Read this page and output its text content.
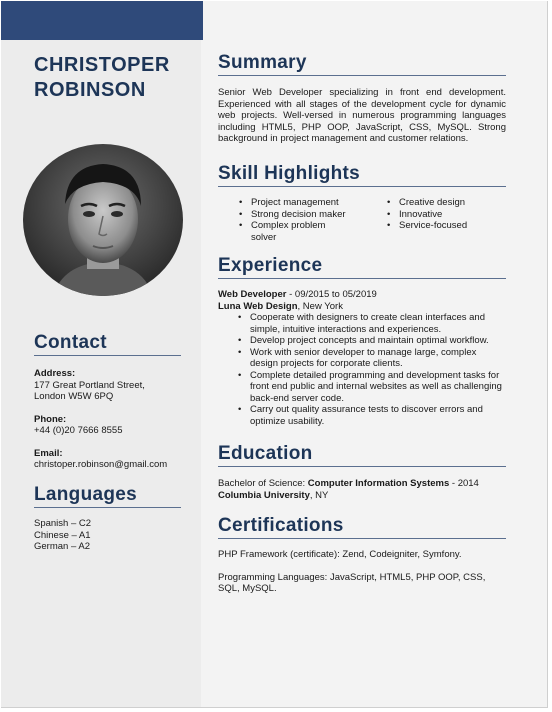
CHRISTOPER
ROBINSON
Contact

Address:

177 Great Portland Street,

London W5W 6PQ

Phone:

+44 (0)20 7666 8555

Email:

christoper.robinson@gmail.com

Languages

Spanish – C2

Chinese – A1

German – A2

Summary

Senior Web Developer specializing in front end development. Experienced with all stages of the development cycle for dynamic web projects. Well-versed in numerous programming languages including HTML5, PHP OOP, JavaScript, CSS, MySQL. Strong background in project management and customer relations.

Skill Highlights
• Project management
• Strong decision maker
• Complex problem solver
• Creative design
• Innovative
• Service-focused
Experience

Web Developer - 09/2015 to 05/2019

Luna Web Design, New York

• Cooperate with designers to create clean interfaces and simple, intuitive interactions and experiences.
• Develop project concepts and maintain optimal workflow.
• Work with senior developer to manage large, complex design projects for corporate clients.
• Complete detailed programming and development tasks for front end public and internal websites as well as challenging back-end server code.
• Carry out quality assurance tests to discover errors and optimize usability.
Education

Bachelor of Science: Computer Information Systems - 2014

Columbia University, NY

Certifications

PHP Framework (certificate): Zend, Codeigniter, Symfony.

Programming Languages: JavaScript, HTML5, PHP OOP, CSS, SQL, MySQL.
